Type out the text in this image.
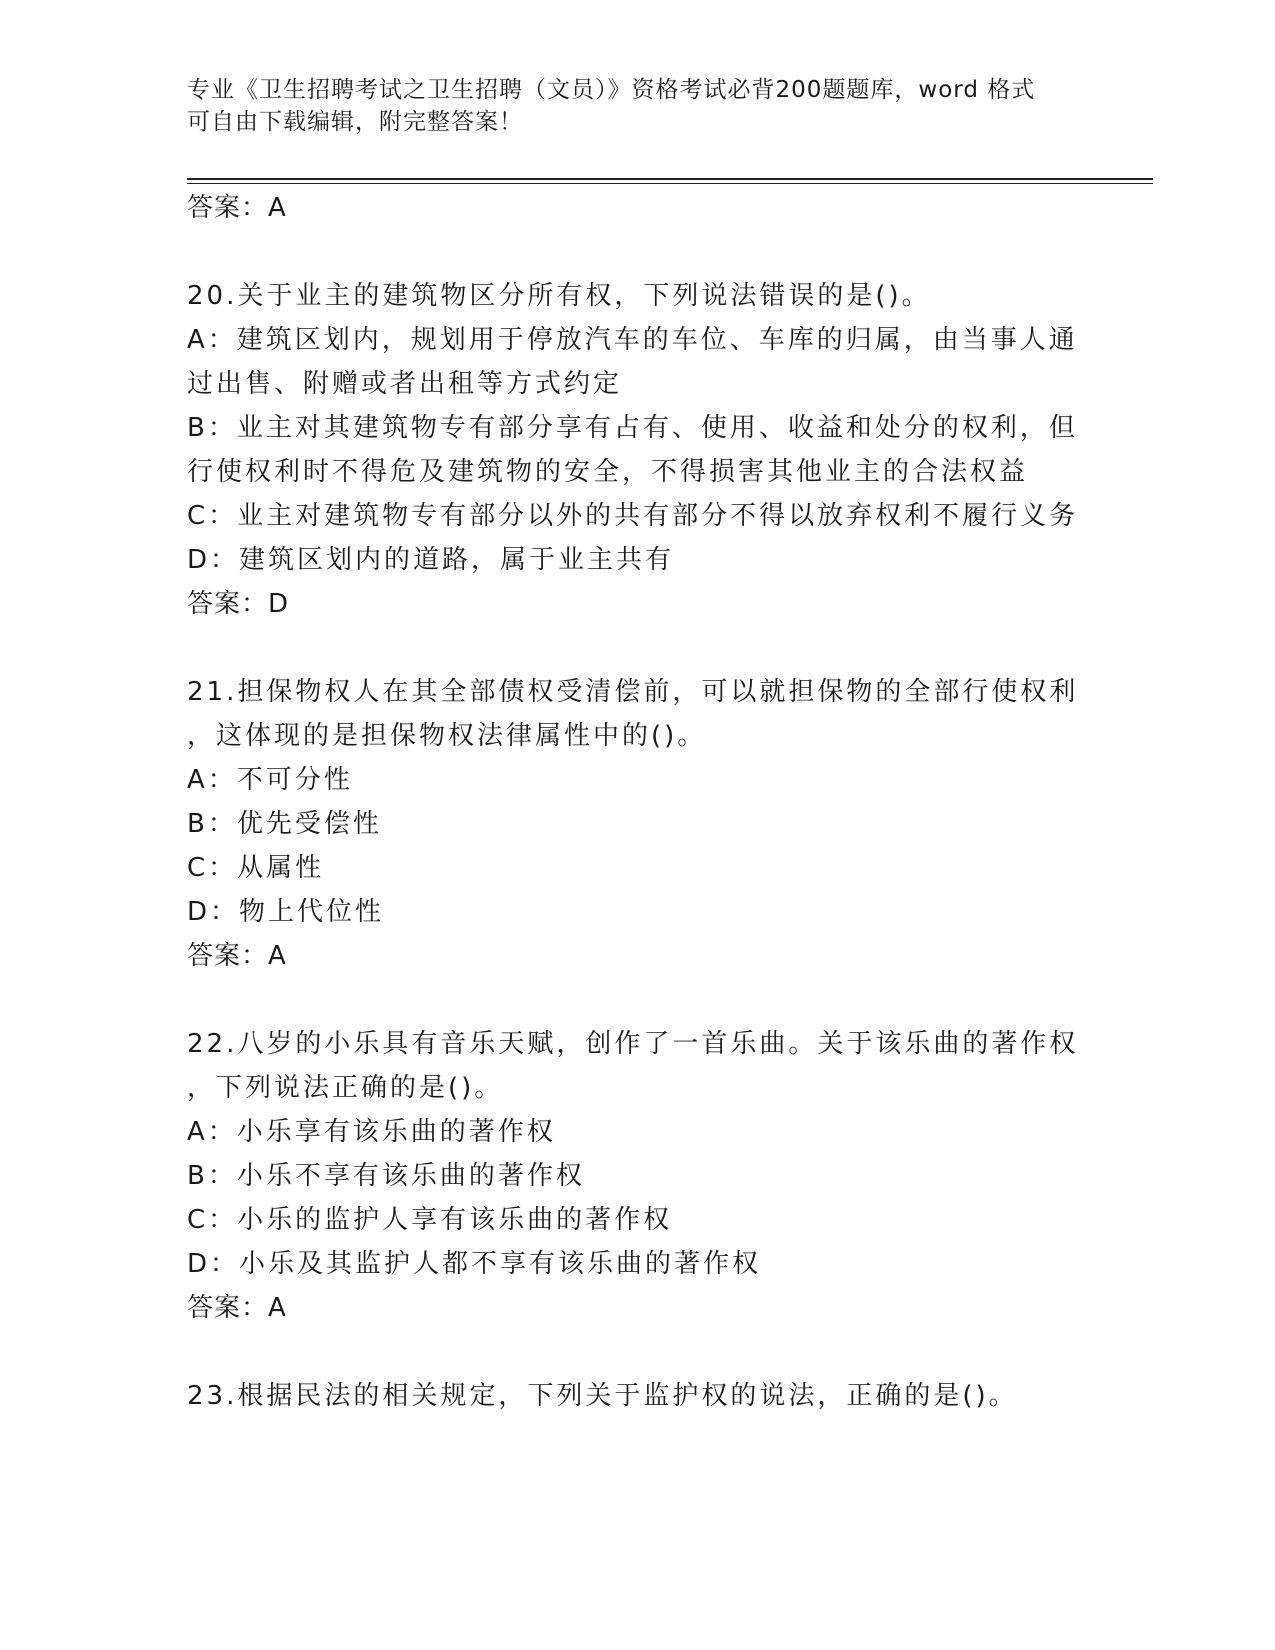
专业《卫生招聘考试之卫生招聘（文员）》资格考试必背200题题库，word 格式
可自由下载编辑，附完整答案！
答案：A
20.关于业主的建筑物区分所有权，下列说法错误的是()。
A：建筑区划内，规划用于停放汽车的车位、车库的归属，由当事人通
过出售、附赠或者出租等方式约定
B：业主对其建筑物专有部分享有占有、使用、收益和处分的权利，但
行使权利时不得危及建筑物的安全，不得损害其他业主的合法权益
C：业主对建筑物专有部分以外的共有部分不得以放弃权利不履行义务
D：建筑区划内的道路，属于业主共有
答案：D
21.担保物权人在其全部债权受清偿前，可以就担保物的全部行使权利
，这体现的是担保物权法律属性中的()。
A：不可分性
B：优先受偿性
C：从属性
D：物上代位性
答案：A
22.八岁的小乐具有音乐天赋，创作了一首乐曲。关于该乐曲的著作权
，下列说法正确的是()。
A：小乐享有该乐曲的著作权
B：小乐不享有该乐曲的著作权
C：小乐的监护人享有该乐曲的著作权
D：小乐及其监护人都不享有该乐曲的著作权
答案：A
23.根据民法的相关规定，下列关于监护权的说法，正确的是()。
